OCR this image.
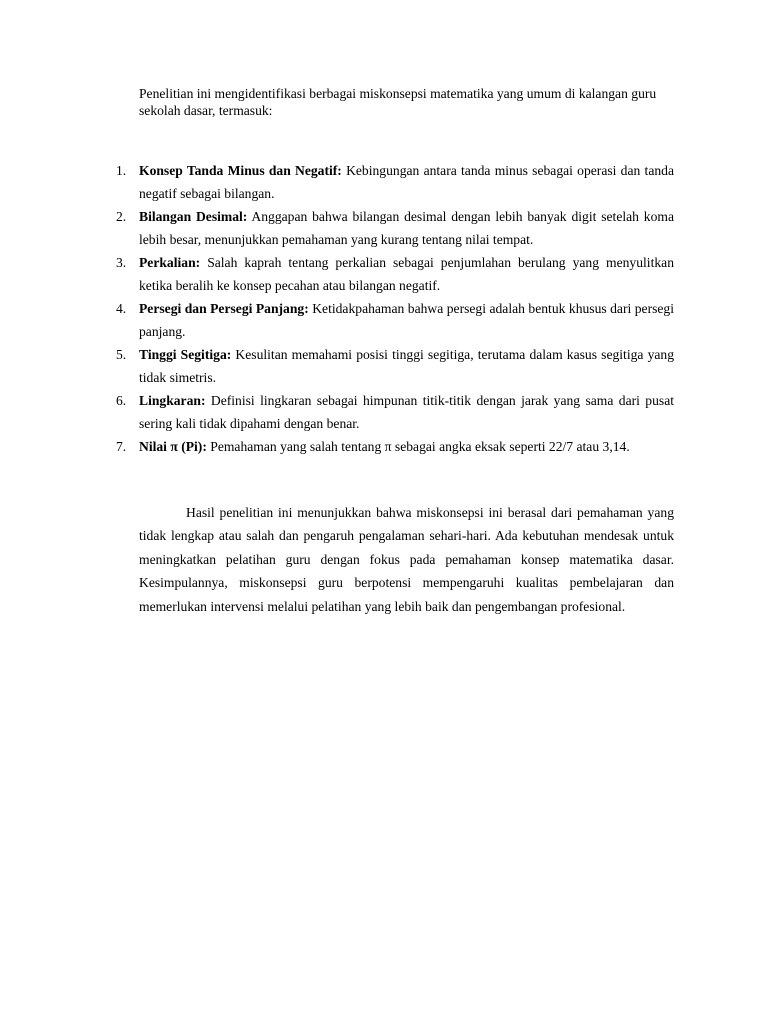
Penelitian ini mengidentifikasi berbagai miskonsepsi matematika yang umum di kalangan guru sekolah dasar, termasuk:

1. Konsep Tanda Minus dan Negatif: Kebingungan antara tanda minus sebagai operasi dan tanda negatif sebagai bilangan.
2. Bilangan Desimal: Anggapan bahwa bilangan desimal dengan lebih banyak digit setelah koma lebih besar, menunjukkan pemahaman yang kurang tentang nilai tempat.
3. Perkalian: Salah kaprah tentang perkalian sebagai penjumlahan berulang yang menyulitkan ketika beralih ke konsep pecahan atau bilangan negatif.
4. Persegi dan Persegi Panjang: Ketidakpahaman bahwa persegi adalah bentuk khusus dari persegi panjang.
5. Tinggi Segitiga: Kesulitan memahami posisi tinggi segitiga, terutama dalam kasus segitiga yang tidak simetris.
6. Lingkaran: Definisi lingkaran sebagai himpunan titik-titik dengan jarak yang sama dari pusat sering kali tidak dipahami dengan benar.
7. Nilai π (Pi): Pemahaman yang salah tentang π sebagai angka eksak seperti 22/7 atau 3,14.

Hasil penelitian ini menunjukkan bahwa miskonsepsi ini berasal dari pemahaman yang tidak lengkap atau salah dan pengaruh pengalaman sehari-hari. Ada kebutuhan mendesak untuk meningkatkan pelatihan guru dengan fokus pada pemahaman konsep matematika dasar. Kesimpulannya, miskonsepsi guru berpotensi mempengaruhi kualitas pembelajaran dan memerlukan intervensi melalui pelatihan yang lebih baik dan pengembangan profesional.
